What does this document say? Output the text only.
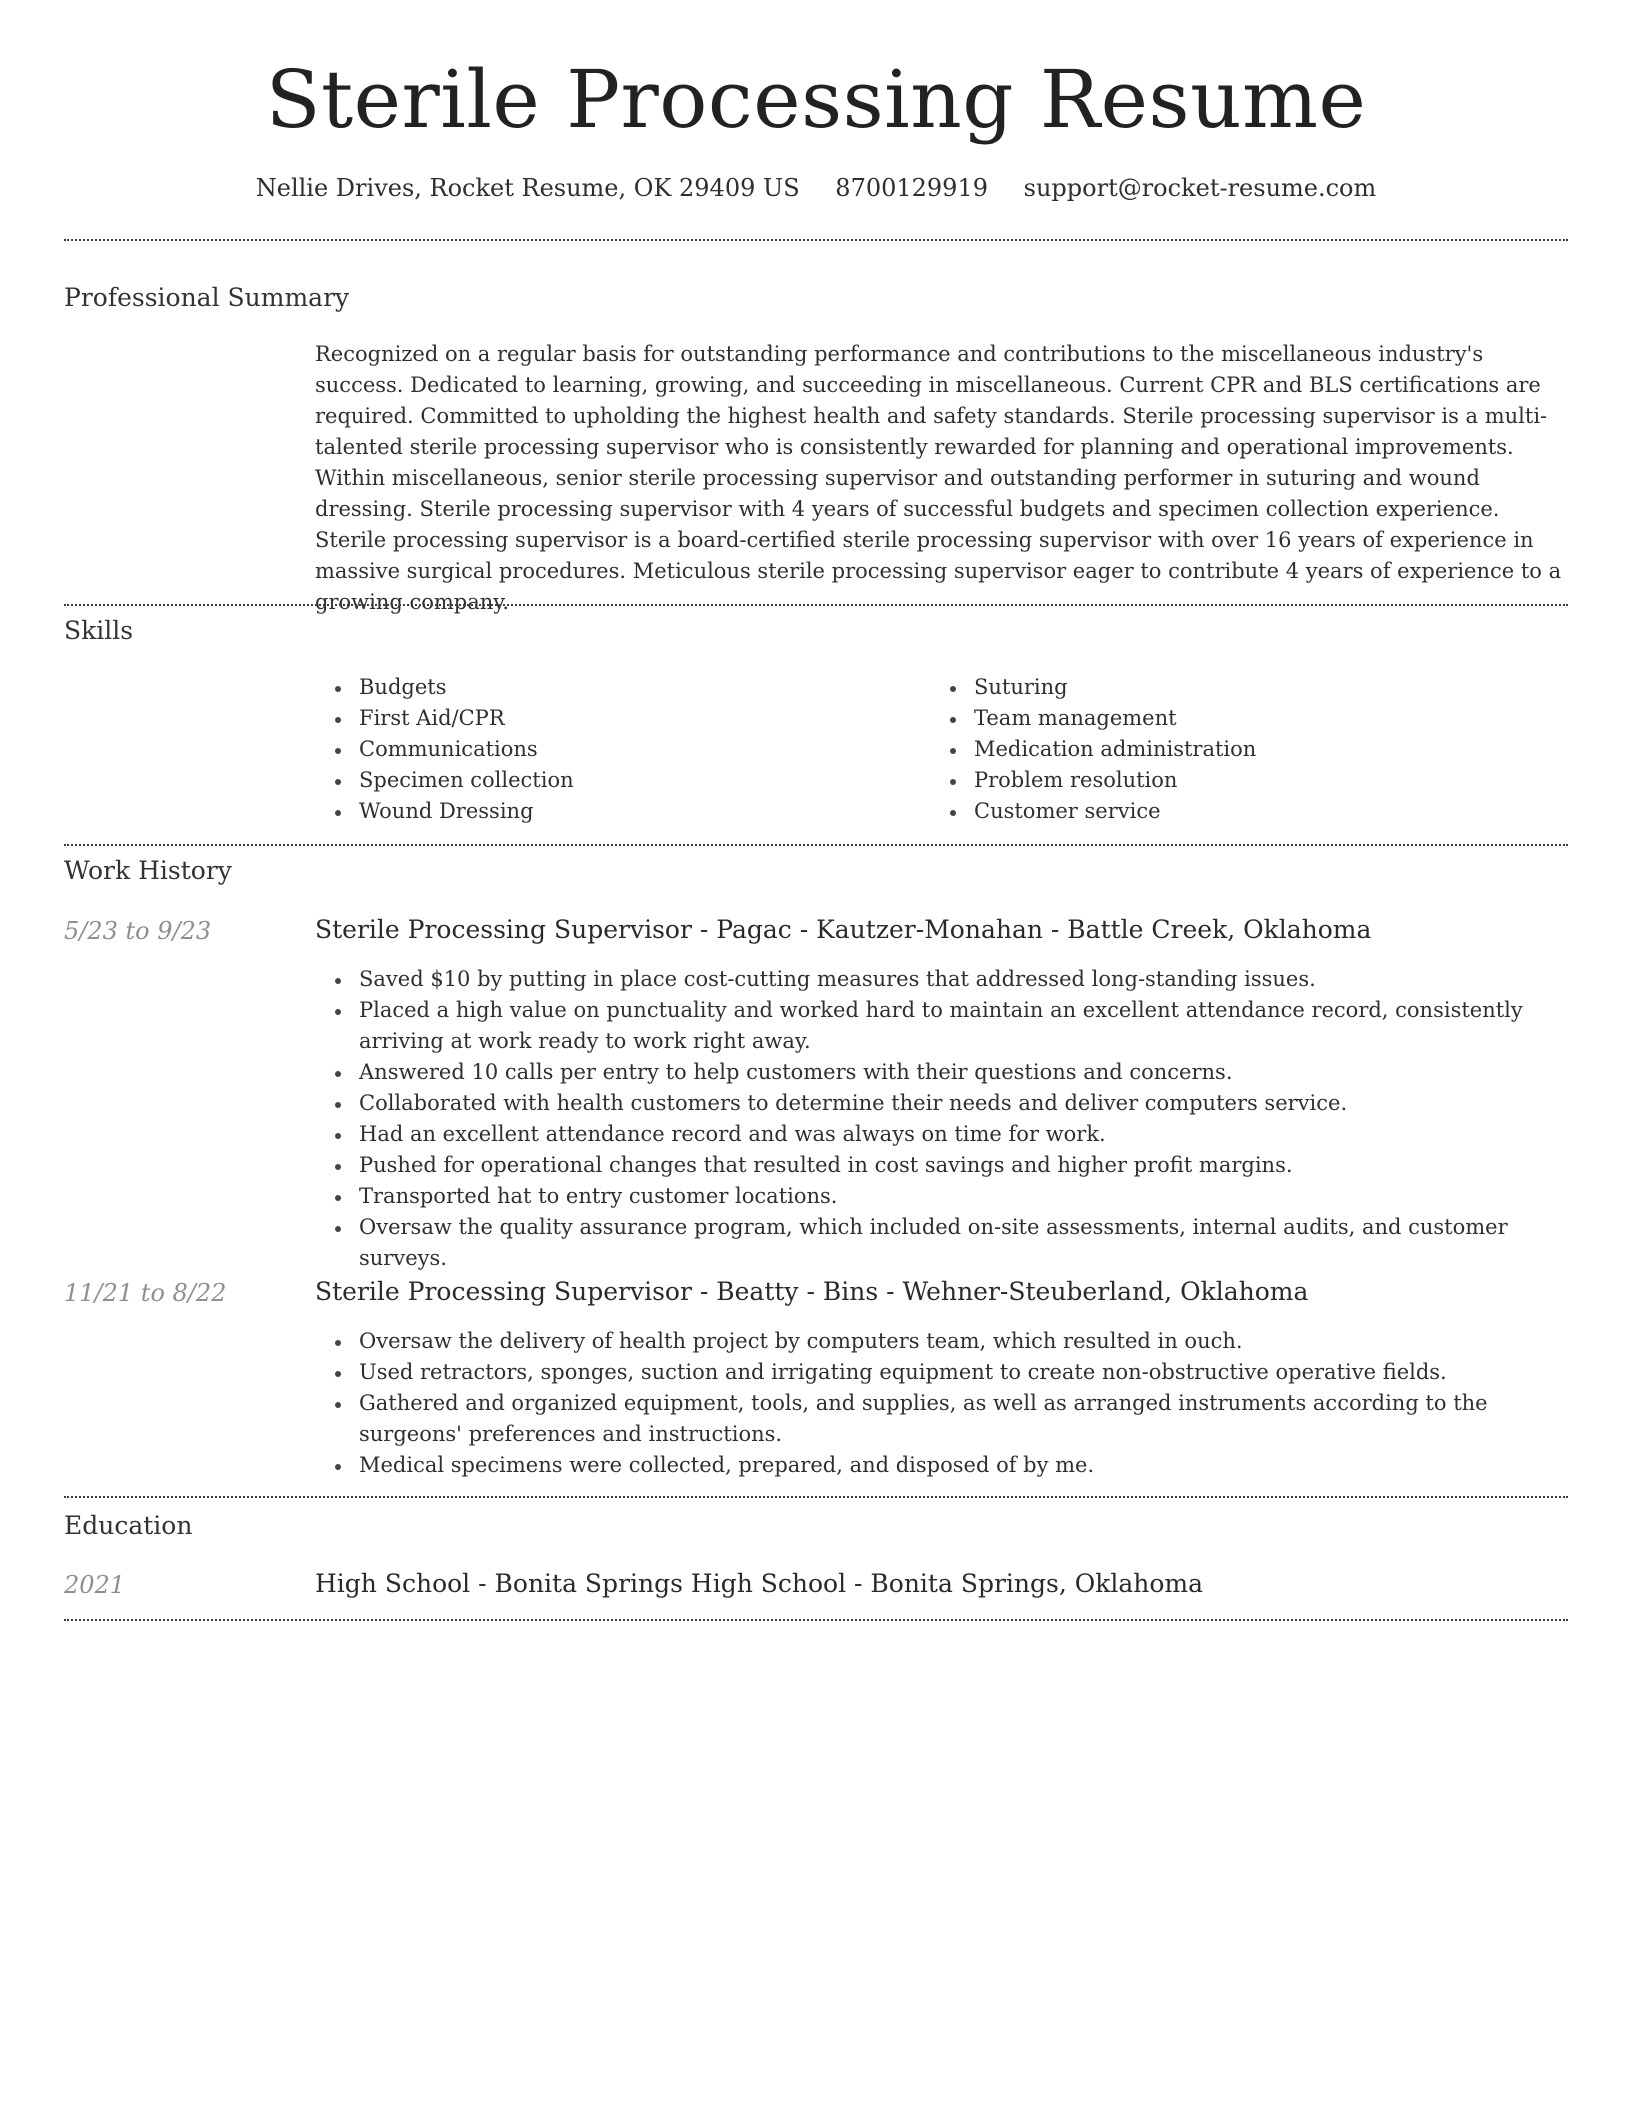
Sterile Processing Resume
Nellie Drives, Rocket Resume, OK 29409 US 8700129919 support@rocket-resume.com
Professional Summary

Recognized on a regular basis for outstanding performance and contributions to the miscellaneous industry's success. Dedicated to learning, growing, and succeeding in miscellaneous. Current CPR and BLS certifications are required. Committed to upholding the highest health and safety standards. Sterile processing supervisor is a multi-talented sterile processing supervisor who is consistently rewarded for planning and operational improvements. Within miscellaneous, senior sterile processing supervisor and outstanding performer in suturing and wound dressing. Sterile processing supervisor with 4 years of successful budgets and specimen collection experience. Sterile processing supervisor is a board-certified sterile processing supervisor with over 16 years of experience in massive surgical procedures. Meticulous sterile processing supervisor eager to contribute 4 years of experience to a growing company.

Skills
Budgets
First Aid/CPR
Communications
Specimen collection
Wound Dressing
Suturing
Team management
Medication administration
Problem resolution
Customer service
Work History
5/23 to 9/23	Sterile Processing Supervisor - Pagac - Kautzer-Monahan - Battle Creek, Oklahoma
Saved $10 by putting in place cost-cutting measures that addressed long-standing issues.
Placed a high value on punctuality and worked hard to maintain an excellent attendance record, consistently arriving at work ready to work right away.
Answered 10 calls per entry to help customers with their questions and concerns.
Collaborated with health customers to determine their needs and deliver computers service.
Had an excellent attendance record and was always on time for work.
Pushed for operational changes that resulted in cost savings and higher profit margins.
Transported hat to entry customer locations.
Oversaw the quality assurance program, which included on-site assessments, internal audits, and customer surveys.
11/21 to 8/22	Sterile Processing Supervisor - Beatty - Bins - Wehner-Steuberland, Oklahoma
Oversaw the delivery of health project by computers team, which resulted in ouch.
Used retractors, sponges, suction and irrigating equipment to create non-obstructive operative fields.
Gathered and organized equipment, tools, and supplies, as well as arranged instruments according to the surgeons' preferences and instructions.
Medical specimens were collected, prepared, and disposed of by me.
Education
2021	High School - Bonita Springs High School - Bonita Springs, Oklahoma
